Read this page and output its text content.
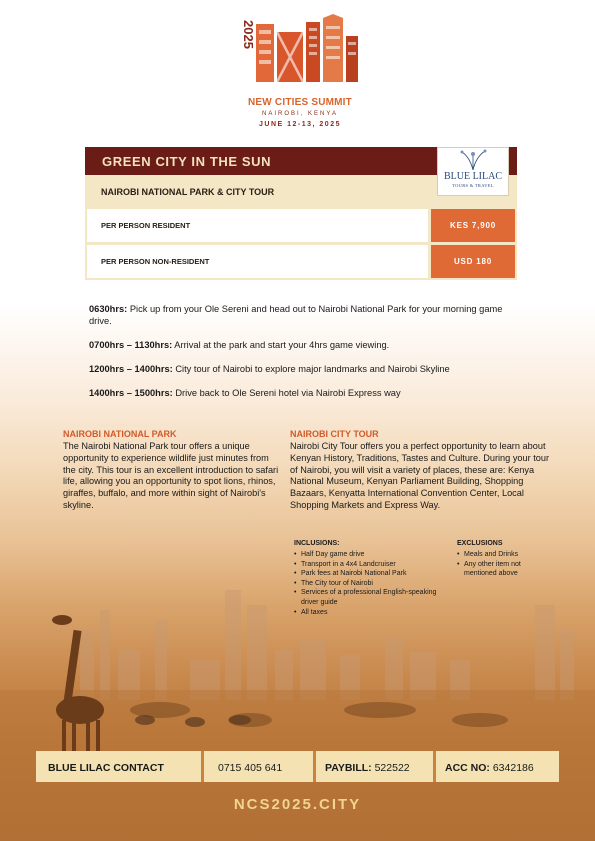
2025
NEW CITIES SUMMIT
NAIROBI, KENYA
JUNE 12-13, 2025
GREEN CITY IN THE SUN
NAIROBI NATIONAL PARK & CITY TOUR
BLUE LILAC
TOURS & TRAVEL
PER PERSON RESIDENT	KES 7,900
PER PERSON NON-RESIDENT	USD 180
0630hrs: Pick up from your Ole Sereni and head out to Nairobi National Park for your morning game drive.
0700hrs – 1130hrs: Arrival at the park and start your 4hrs game viewing.
1200hrs – 1400hrs: City tour of Nairobi to explore major landmarks and Nairobi Skyline
1400hrs – 1500hrs: Drive back to Ole Sereni hotel via Nairobi Express way
NAIROBI NATIONAL PARK
The Nairobi National Park tour offers a unique opportunity to experience wildlife just minutes from the city. This tour is an excellent introduction to safari life, allowing you an opportunity to spot lions, rhinos, giraffes, buffalo, and more within sight of Nairobi's skyline.
NAIROBI CITY TOUR
Nairobi City Tour offers you a perfect opportunity to learn about Kenyan History, Traditions, Tastes and Culture. During your tour of Nairobi, you will visit a variety of places, these are: Kenya National Museum, Kenyan Parliament Building, Shopping Bazaars, Kenyatta International Convention Center, Local Shopping Markets and Express Way.
INCLUSIONS:
• Half Day game drive
• Transport in a 4x4 Landcruiser
• Park fees at Nairobi National Park
• The City tour of Nairobi
• Services of a professional English-speaking driver guide
• All taxes
EXCLUSIONS
• Meals and Drinks
• Any other item not mentioned above
BLUE LILAC CONTACT	0715 405 641	PAYBILL: 522522	ACC NO: 6342186
NCS2025.CITY
